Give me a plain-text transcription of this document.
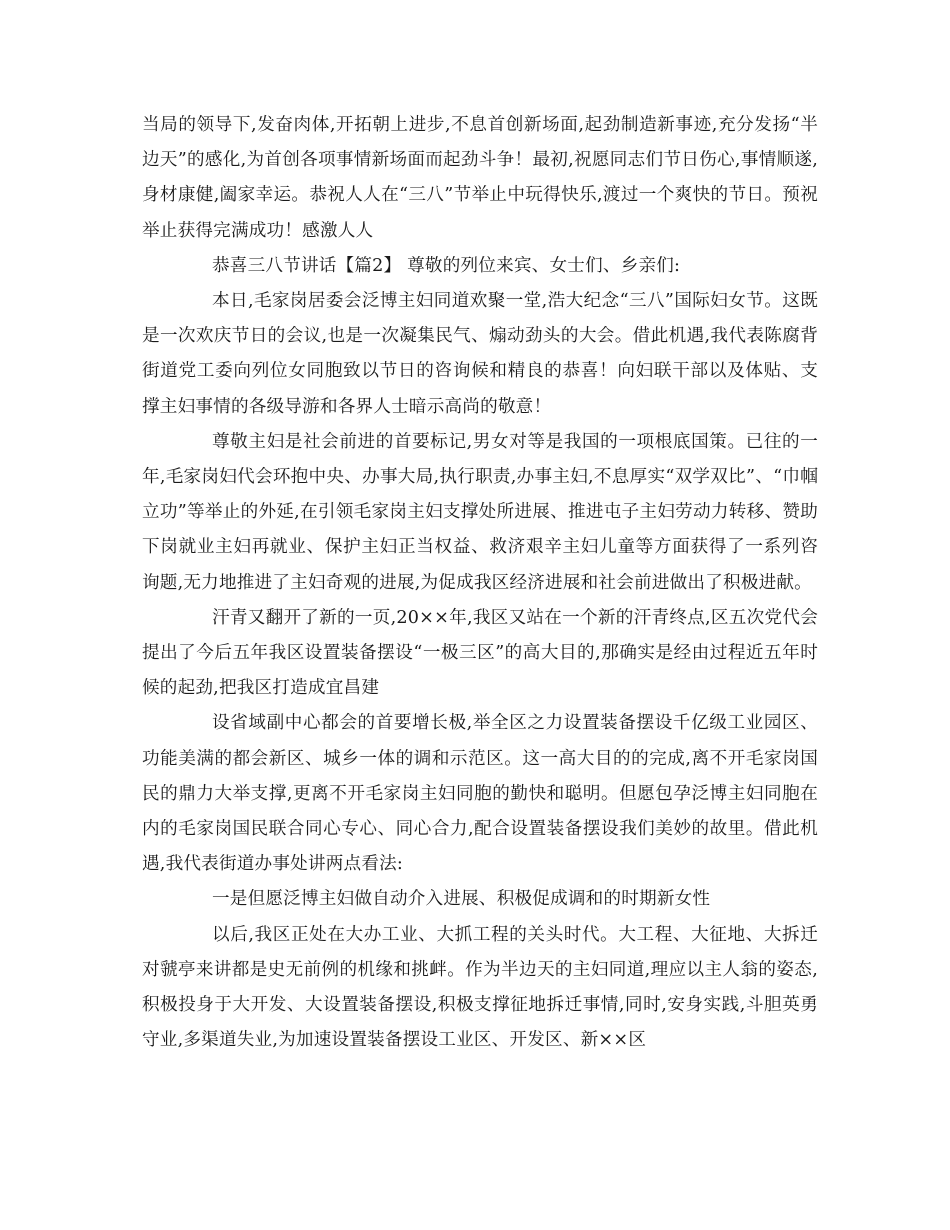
当局的领导下,发奋肉体,开拓朝上进步,不息首创新场面,起劲制造新事迹,充分发扬“半边天”的感化,为首创各项事情新场面而起劲斗争！最初,祝愿同志们节日伤心,事情顺遂,身材康健,阖家幸运。恭祝人人在“三八”节举止中玩得快乐,渡过一个爽快的节日。预祝举止获得完满成功！感激人人

恭喜三八节讲话【篇2】 尊敬的列位来宾、女士们、乡亲们:

本日,毛家岗居委会泛博主妇同道欢聚一堂,浩大纪念“三八”国际妇女节。这既是一次欢庆节日的会议,也是一次凝集民气、煽动劲头的大会。借此机遇,我代表陈腐背街道党工委向列位女同胞致以节日的咨询候和精良的恭喜！向妇联干部以及体贴、支撑主妇事情的各级导游和各界人士暗示高尚的敬意！

尊敬主妇是社会前进的首要标记,男女对等是我国的一项根底国策。已往的一年,毛家岗妇代会环抱中央、办事大局,执行职责,办事主妇,不息厚实“双学双比”、“巾帼立功”等举止的外延,在引领毛家岗主妇支撑处所进展、推进屯子主妇劳动力转移、赞助下岗就业主妇再就业、保护主妇正当权益、救济艰辛主妇儿童等方面获得了一系列咨询题,无力地推进了主妇奇观的进展,为促成我区经济进展和社会前进做出了积极进献。

汗青又翻开了新的一页,20××年,我区又站在一个新的汗青终点,区五次党代会提出了今后五年我区设置装备摆设“一极三区”的高大目的,那确实是经由过程近五年时候的起劲,把我区打造成宜昌建

设省域副中心都会的首要增长极,举全区之力设置装备摆设千亿级工业园区、功能美满的都会新区、城乡一体的调和示范区。这一高大目的的完成,离不开毛家岗国民的鼎力大举支撑,更离不开毛家岗主妇同胞的勤快和聪明。但愿包孕泛博主妇同胞在内的毛家岗国民联合同心专心、同心合力,配合设置装备摆设我们美妙的故里。借此机遇,我代表街道办事处讲两点看法:

一是但愿泛博主妇做自动介入进展、积极促成调和的时期新女性

以后,我区正处在大办工业、大抓工程的关头时代。大工程、大征地、大拆迁对虢亭来讲都是史无前例的机缘和挑衅。作为半边天的主妇同道,理应以主人翁的姿态,积极投身于大开发、大设置装备摆设,积极支撑征地拆迁事情,同时,安身实践,斗胆英勇守业,多渠道失业,为加速设置装备摆设工业区、开发区、新××区
